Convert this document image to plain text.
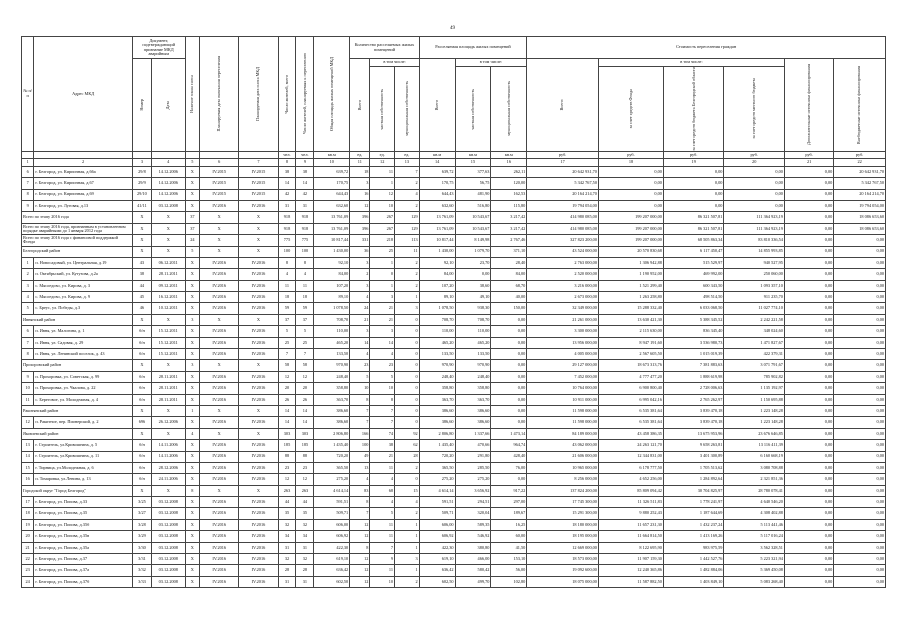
49
№ п/п	Адрес МКД	Документ, подтверждающий признание МКД аварийным		Наличие плана сноса	Планируемая дата окончания переселения	Планируемая дата сноса МКД	Число жителей, всего	Число жителей, планируемых к переселению	Общая площадь жилых помещений МКД	Количество расселяемых жилых помещений			Расселяемая площадь жилых помещений			Стоимость переселения граждан					

		Номер	Дата							Всего	в том числе:		Всего	в том числе:		Всего:	в том числе:			Дополнительные источники финансирования	Внебюджетные источники финансирования

											частная собственность	муниципальная собственность		частная собственность	муниципальная собственность		за счет средств Фонда	за счет средств бюджета Белгородской области	за счет средств местного бюджета		

							чел.	чел.	кв.м	ед.	ед.	ед.	кв.м	кв.м	кв.м	руб.	руб.	руб.	руб.	руб.	руб.
1	2	3	4	5	6	7	8	9	10	11	12	13	14	15	16	17	18	19	20	21	22
6	г. Белгород, ул. Кирпичная, д.66а	29/8	14.12.2006	X	IV.2015	IV.2015	38	38	639,72	18	11	7	639,72	377,63	262,11	20 642 931,70	0,00	0,00	0,00	0,00	20 642 931,70
7	г. Белгород, ул. Кирпичная, д.67	29/9	14.12.2006	X	IV.2015	IV.2015	14	14	170,75	3	1	2	170,75	56,75	120,00	5 342 767,50	0,00	0,00	0,00	0,00	5 342 767,50
8	г. Белгород, ул. Кирпичная, д.69	29/10	14.12.2006	X	IV.2015	IV.2015	42	42	644,43	16	12	4	644,43	481,90	162,53	20 164 214,70	0,00	0,00	0,00	0,00	20 164 214,70
9	г. Белгород, ул. Луговая, д.13	41/11	03.12.2008	X	IV.2016	IV.2016	31	31	632,60	12	10	2	632,60	516,80	115,80	19 794 054,00	0,00	0,00	0,00	0,00	19 794 054,00
Всего по этапу 2016 года		X	X	37	X	X	918	918	13 761,09	396	267	129	13 761,09	10 543,67	3 217,42	414 980 085,00	199 207 000,00	86 321 507,81	111 364 923,19	0,00	18 086 653,60
Всего по этапу 2016 года, признанным в установленном порядке аварийными до 1 января 2012 года		X	X	37	X	X	918	918	13 761,09	396	267	129	13 761,09	10 543,67	3 217,42	414 980 085,00	199 207 000,00	86 321 507,81	111 364 923,19	0,00	18 086 653,60
Всего по этапу 2016 года с финансовой поддержкой Фонда		X	X	24	X	X	775	775	10 817,44	331	218	113	10 817,44	8 149,98	2 767,46	327 823 200,00	199 207 000,00	68 505 863,34	83 810 336,54	0,00	0,00
Белгородский район		X	X	5	X	X	100	100	1 430,00	36	25	11	1 430,00	1 079,70	371,10	43 524 000,00	20 570 830,68	6 117 450,47	14 855 993,85	0,00	0,00
1	п. Новосадовый, ул. Центральная, д.19	43	06.12.2011	X	IV.2016	IV.2016	8	8	92,10	3	1	2	92,10	23,70	28,40	2 763 000,00	1 306 942,88	515 529,97	940 527,95	0,00	0,00
2	п. Октябрьский, ул. Кутузова, д.2а	38	28.11.2011	X	IV.2016	IV.2016	4	4	84,00	2	0	2	84,00	0,00	84,00	2 520 000,00	1 190 952,00	469 992,00	250 060,00	0,00	0,00
3	с. Мясоедово, ул. Кирова, д. 3	44	09.12.2011	X	IV.2016	IV.2016	11	11	107,20	3	1	2	107,20	38,60	68,70	3 216 000,00	1 521 299,40	600 343,50	1 093 357,10	0,00	0,00
4	с. Мясоедово, ул. Кирова, д. 9	45	16.12.2011	X	IV.2016	IV.2016	18	18	89,10	4	3	1	89,10	49,10	40,00	2 673 000,00	1 263 258,80	498 514,50	911 235,70	0,00	0,00
5	с. Бреус, ул. Победы, д.3	46	10.12.2011	X	IV.2016	IV.2016	59	59	1 078,50	24	21	3	1 078,50	938,30	150,00	32 349 000,00	15 288 332,40	6 033 068,50	11 027 774,10	0,00	0,00
Ивнянский район		X	X	3	X	X	37	37	708,70	21	21	0	708,70	708,70	0,00	21 261 000,00	13 630 421,30	5 388 345,52	2 242 221,58	0,00	0,00
6	п. Ивня, ул. Малогина, д. 1	б/н	15.12.2011	X	IV.2016	IV.2016	5	5	110,00	3	3	0	110,00	110,00	0,00	3 300 000,00	2 115 630,00	836 345,40	348 024,60	0,00	0,00
7	п. Ивня, ул. Садовая, д. 29	б/н	15.12.2011	X	IV.2016	IV.2016	25	25	465,20	14	14	0	465,20	465,20	0,00	13 956 000,00	8 947 191,60	3 536 980,73	1 471 827,67	0,00	0,00
8	п. Ивня, ул. Ленинский поселок, д. 43	б/н	15.12.2011	X	IV.2016	IV.2016	7	7	133,50	4	4	0	133,50	133,50	0,00	4 005 000,00	2 567 605,50	1 015 019,39	422 379,31	0,00	0,00
Прохоровский район		X	X	3	X	X	58	58	970,90	23	23	0	970,90	970,90	0,00	29 127 000,00	18 673 313,76	7 381 883,63	3 071 791,67	0,00	0,00
9	п. Прохоровка, ул. Советская, д. 99	б/н	28.11.2011	X	IV.2016	IV.2016	12	12	248,40	5	5	0	248,40	248,40	0,00	7 452 000,00	4 777 477,20	1 888 619,98	785 902,82	0,00	0,00
10	п. Прохоровка, ул. Чкалова, д. 22	б/н	28.11.2011	X	IV.2016	IV.2016	20	20	358,80	10	10	0	358,80	358,80	0,00	10 764 000,00	6 900 800,40	2 728 006,63	1 135 192,97	0,00	0,00
11	с. Береговое, ул. Молодежная, д. 4	б/н	28.11.2011	X	IV.2016	IV.2016	26	26	363,70	8	8	0	363,70	363,70	0,00	10 911 000,00	6 995 042,16	2 765 262,97	1 150 695,88	0,00	0,00
Ракитянский район		X	X	1	X	X	14	14	386,60	7	7	0	386,60	386,60	0,00	11 598 000,00	6 535 381,64	3 839 470,18	1 223 148,28	0,00	0,00
12	п. Ракитное, пер. Пионерский, д. 2	696	26.12.2006	X	IV.2016	IV.2016	14	14	386,60	7	7	0	386,60	386,60	0,00	11 598 000,00	6 535 381,64	3 839 470,18	1 223 148,28	0,00	0,00
Яковлевский район		X	X	4	X	X	303	303	2 806,80	166	74	92	2 806,80	1 337,66	1 473,14	84 189 000,00	43 458 386,35	13 675 953,96	23 676 646,85	0,00	0,00
13	г. Строитель, ул.Кривошеина, д. 5	б/н	14.11.2006	X	IV.2016	IV.2016	185	185	1 435,40	100	38	62	1 435,40	470,66	964,74	43 062 000,00	24 263 121,70	9 658 263,81	13 116 411,39	0,00	0,00
14	г. Строитель, ул.Кривошеина, д. 11	б/н	14.11.2006	X	IV.2016	IV.2016	88	88	720,20	49	21	28	720,20	291,80	428,40	21 606 000,00	12 344 831,00	3 401 300,89	6 160 668,19	0,00	0,00
15	г. Тирница, ул.Молодежная, д. 6	б/н	28.12.2006	X	IV.2016	IV.2016	23	23	365,50	13	11	2	365,50	285,50	76,00	10 965 000,00	6 178 777,50	1 705 513,62	3 080 708,88	0,00	0,00
16	п. Томаровка, ул.Ленина, д. 13	б/н	24.11.2006	X	IV.2016	IV.2016	12	12	275,20	4	4	0	275,20	275,20	0,00	8 256 000,00	4 652 256,00	1 284 892,64	2 321 851,36	0,00	0,00
Городской округ "Город Белгород"		X	X	8	X	X	263	263	4 614,14	83	68	15	4 614,14	3 656,92	917,22	137 824 200,00	85 809 094,42	30 704 825,97	28 780 078,41	0,00	0,00
17	г. Белгород, ул. Попова, д.33	3/25	03.12.2008	X	IV.2016	IV.2016	44	44	591,51	8	4	4	591,51	294,51	297,00	17 745 300,00	11 326 511,83	1 778 241,97	4 640 546,20	0,00	0,00
18	г. Белгород, ул. Попова, д.35	3/27	03.12.2008	X	IV.2016	IV.2016	35	35	509,71	7	5	2	509,71	320,04	189,67	15 291 300,00	9 880 252,43	1 187 644,69	4 308 402,88	0,00	0,00
19	г. Белгород, ул. Попова, д.35б	3/28	03.12.2008	X	IV.2016	IV.2016	32	32	606,00	12	11	1	606,00	589,35	16,25	18 180 000,00	11 657 231,30	1 432 237,24	5 113 441,46	0,00	0,00
20	г. Белгород, ул. Попова, д.35в	3/29	03.12.2008	X	IV.2016	IV.2016	34	34	606,92	12	11	1	606,92	546,92	60,00	18 195 000,00	11 664 814,50	1 413 169,26	5 117 016,24	0,00	0,00
21	г. Белгород, ул. Попова, д.35а	3/30	03.12.2008	X	IV.2016	IV.2016	31	31	422,30	8	7	1	422,30	380,80	41,50	12 669 000,00	8 122 695,90	983 975,59	3 562 328,51	0,00	0,00
22	г. Белгород, ул. Попова, д.37	3/31	03.12.2008	X	IV.2016	IV.2016	32	32	619,10	12	9	3	619,10	466,00	153,10	18 573 000,00	11 907 159,30	1 442 527,76	5 223 321,94	0,00	0,00
23	г. Белгород, ул. Попова, д.37а	3/32	03.12.2008	X	IV.2016	IV.2016	28	28	636,42	12	11	1	636,42	580,42	56,00	19 092 600,00	12 240 365,86	1 482 884,06	5 369 450,08	0,00	0,00
24	г. Белгород, ул. Попова, д.37б	3/33	03.12.2008	X	IV.2016	IV.2016	31	31	602,50	12	10	2	602,50	499,70	102,80	18 075 000,00	11 587 882,50	1 403 849,10	5 083 268,40	0,00	0,00
